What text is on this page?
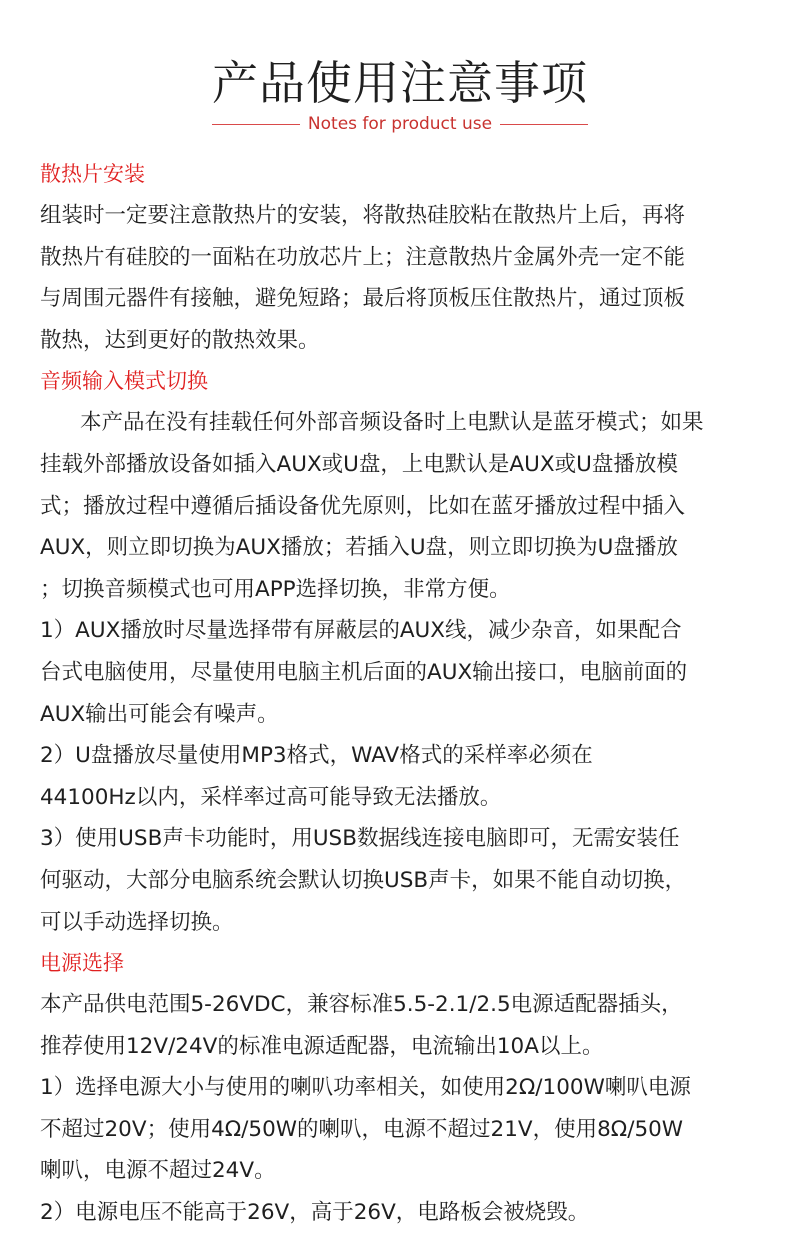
产品使用注意事项
Notes for product use
散热片安装

组装时一定要注意散热片的安装，将散热硅胶粘在散热片上后，再将

散热片有硅胶的一面粘在功放芯片上；注意散热片金属外壳一定不能

与周围元器件有接触，避免短路；最后将顶板压住散热片，通过顶板

散热，达到更好的散热效果。

音频输入模式切换

本产品在没有挂载任何外部音频设备时上电默认是蓝牙模式；如果

挂载外部播放设备如插入AUX或U盘，上电默认是AUX或U盘播放模

式；播放过程中遵循后插设备优先原则，比如在蓝牙播放过程中插入

AUX，则立即切换为AUX播放；若插入U盘，则立即切换为U盘播放

；切换音频模式也可用APP选择切换，非常方便。

1）AUX播放时尽量选择带有屏蔽层的AUX线，减少杂音，如果配合

台式电脑使用，尽量使用电脑主机后面的AUX输出接口，电脑前面的

AUX输出可能会有噪声。

2）U盘播放尽量使用MP3格式，WAV格式的采样率必须在

44100Hz以内，采样率过高可能导致无法播放。

3）使用USB声卡功能时，用USB数据线连接电脑即可，无需安装任

何驱动，大部分电脑系统会默认切换USB声卡，如果不能自动切换，

可以手动选择切换。

电源选择

本产品供电范围5-26VDC，兼容标准5.5-2.1/2.5电源适配器插头，

推荐使用12V/24V的标准电源适配器，电流输出10A以上。

1）选择电源大小与使用的喇叭功率相关，如使用2Ω/100W喇叭电源

不超过20V；使用4Ω/50W的喇叭，电源不超过21V，使用8Ω/50W

喇叭，电源不超过24V。

2）电源电压不能高于26V，高于26V，电路板会被烧毁。
